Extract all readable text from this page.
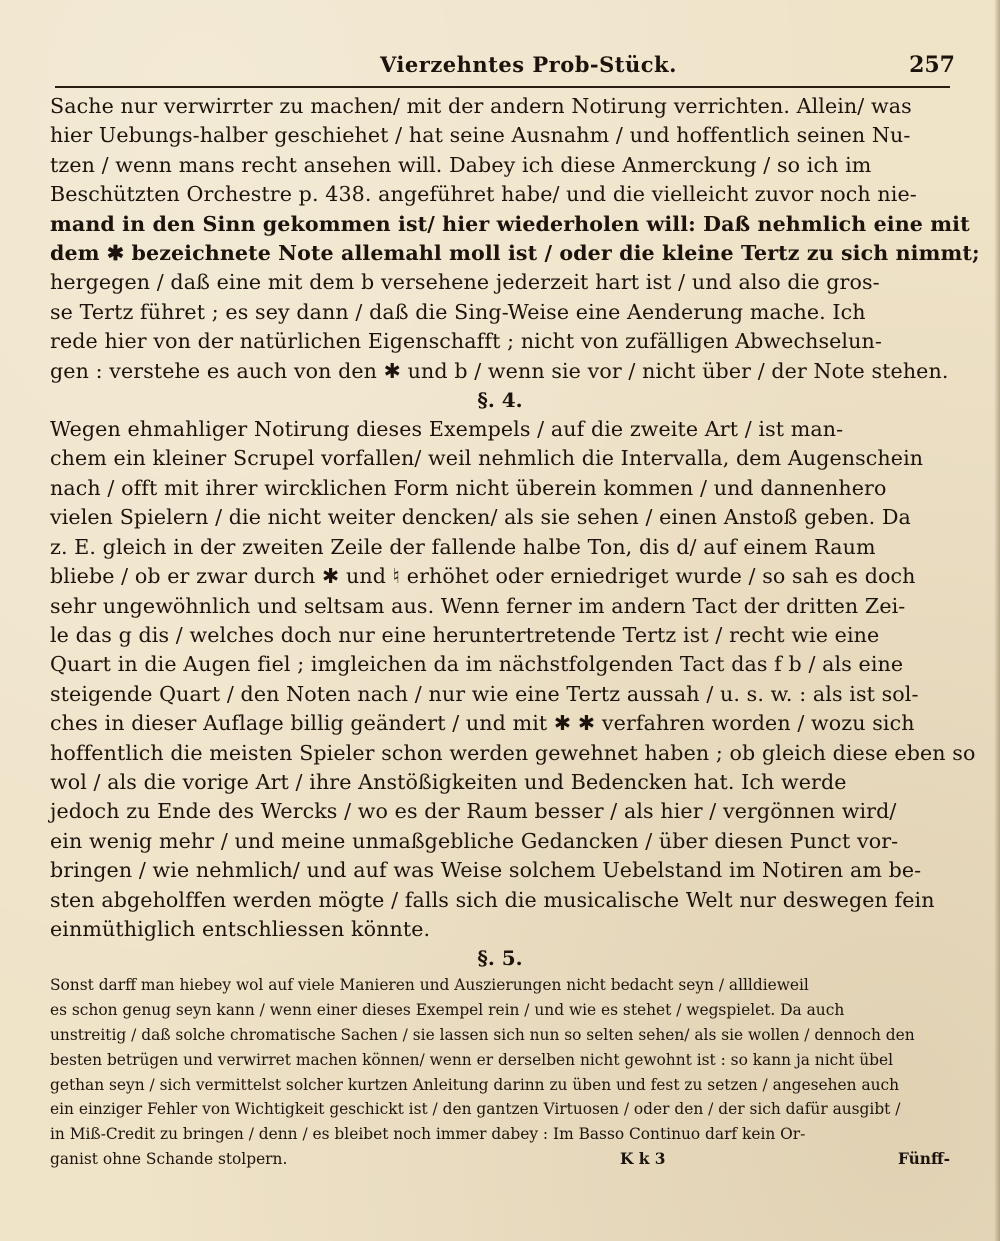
Vierzehntes Prob-Stück.	257

Sache nur verwirrter zu machen/ mit der andern Notirung verrichten. Allein/ was

hier Uebungs-halber geschiehet / hat seine Ausnahm / und hoffentlich seinen Nu-

tzen / wenn mans recht ansehen will. Dabey ich diese Anmerckung / so ich im

Beschützten Orchestre p. 438. angeführet habe/ und die vielleicht zuvor noch nie-

mand in den Sinn gekommen ist/ hier wiederholen will: Daß nehmlich eine mit

dem ✱ bezeichnete Note allemahl moll ist / oder die kleine Tertz zu sich nimmt;

hergegen / daß eine mit dem b versehene jederzeit hart ist / und also die gros-

se Tertz führet ; es sey dann / daß die Sing-Weise eine Aenderung mache. Ich

rede hier von der natürlichen Eigenschafft ; nicht von zufälligen Abwechselun-

gen : verstehe es auch von den ✱ und b / wenn sie vor / nicht über / der Note stehen.

§. 4.

Wegen ehmahliger Notirung dieses Exempels / auf die zweite Art / ist man-

chem ein kleiner Scrupel vorfallen/ weil nehmlich die Intervalla, dem Augenschein

nach / offt mit ihrer wircklichen Form nicht überein kommen / und dannenhero

vielen Spielern / die nicht weiter dencken/ als sie sehen / einen Anstoß geben. Da

z. E. gleich in der zweiten Zeile der fallende halbe Ton, dis d/ auf einem Raum

bliebe / ob er zwar durch ✱ und ♮ erhöhet oder erniedriget wurde / so sah es doch

sehr ungewöhnlich und seltsam aus. Wenn ferner im andern Tact der dritten Zei-

le das g dis / welches doch nur eine heruntertretende Tertz ist / recht wie eine

Quart in die Augen fiel ; imgleichen da im nächstfolgenden Tact das f b / als eine

steigende Quart / den Noten nach / nur wie eine Tertz aussah / u. s. w. : als ist sol-

ches in dieser Auflage billig geändert / und mit ✱ ✱ verfahren worden / wozu sich

hoffentlich die meisten Spieler schon werden gewehnet haben ; ob gleich diese eben so

wol / als die vorige Art / ihre Anstößigkeiten und Bedencken hat. Ich werde

jedoch zu Ende des Wercks / wo es der Raum besser / als hier / vergönnen wird/

ein wenig mehr / und meine unmaßgebliche Gedancken / über diesen Punct vor-

bringen / wie nehmlich/ und auf was Weise solchem Uebelstand im Notiren am be-

sten abgeholffen werden mögte / falls sich die musicalische Welt nur deswegen fein

einmüthiglich entschliessen könnte.

§. 5.

Sonst darff man hiebey wol auf viele Manieren und Auszierungen nicht bedacht seyn / allldieweil

es schon genug seyn kann / wenn einer dieses Exempel rein / und wie es stehet / wegspielet. Da auch

unstreitig / daß solche chromatische Sachen / sie lassen sich nun so selten sehen/ als sie wollen / dennoch den

besten betrügen und verwirret machen können/ wenn er derselben nicht gewohnt ist : so kann ja nicht übel

gethan seyn / sich vermittelst solcher kurtzen Anleitung darinn zu üben und fest zu setzen / angesehen auch

ein einziger Fehler von Wichtigkeit geschickt ist / den gantzen Virtuosen / oder den / der sich dafür ausgibt /

in Miß-Credit zu bringen / denn / es bleibet noch immer dabey : Im Basso Continuo darf kein Or-

ganist ohne Schande stolpern.	K k 3	Fünff-
